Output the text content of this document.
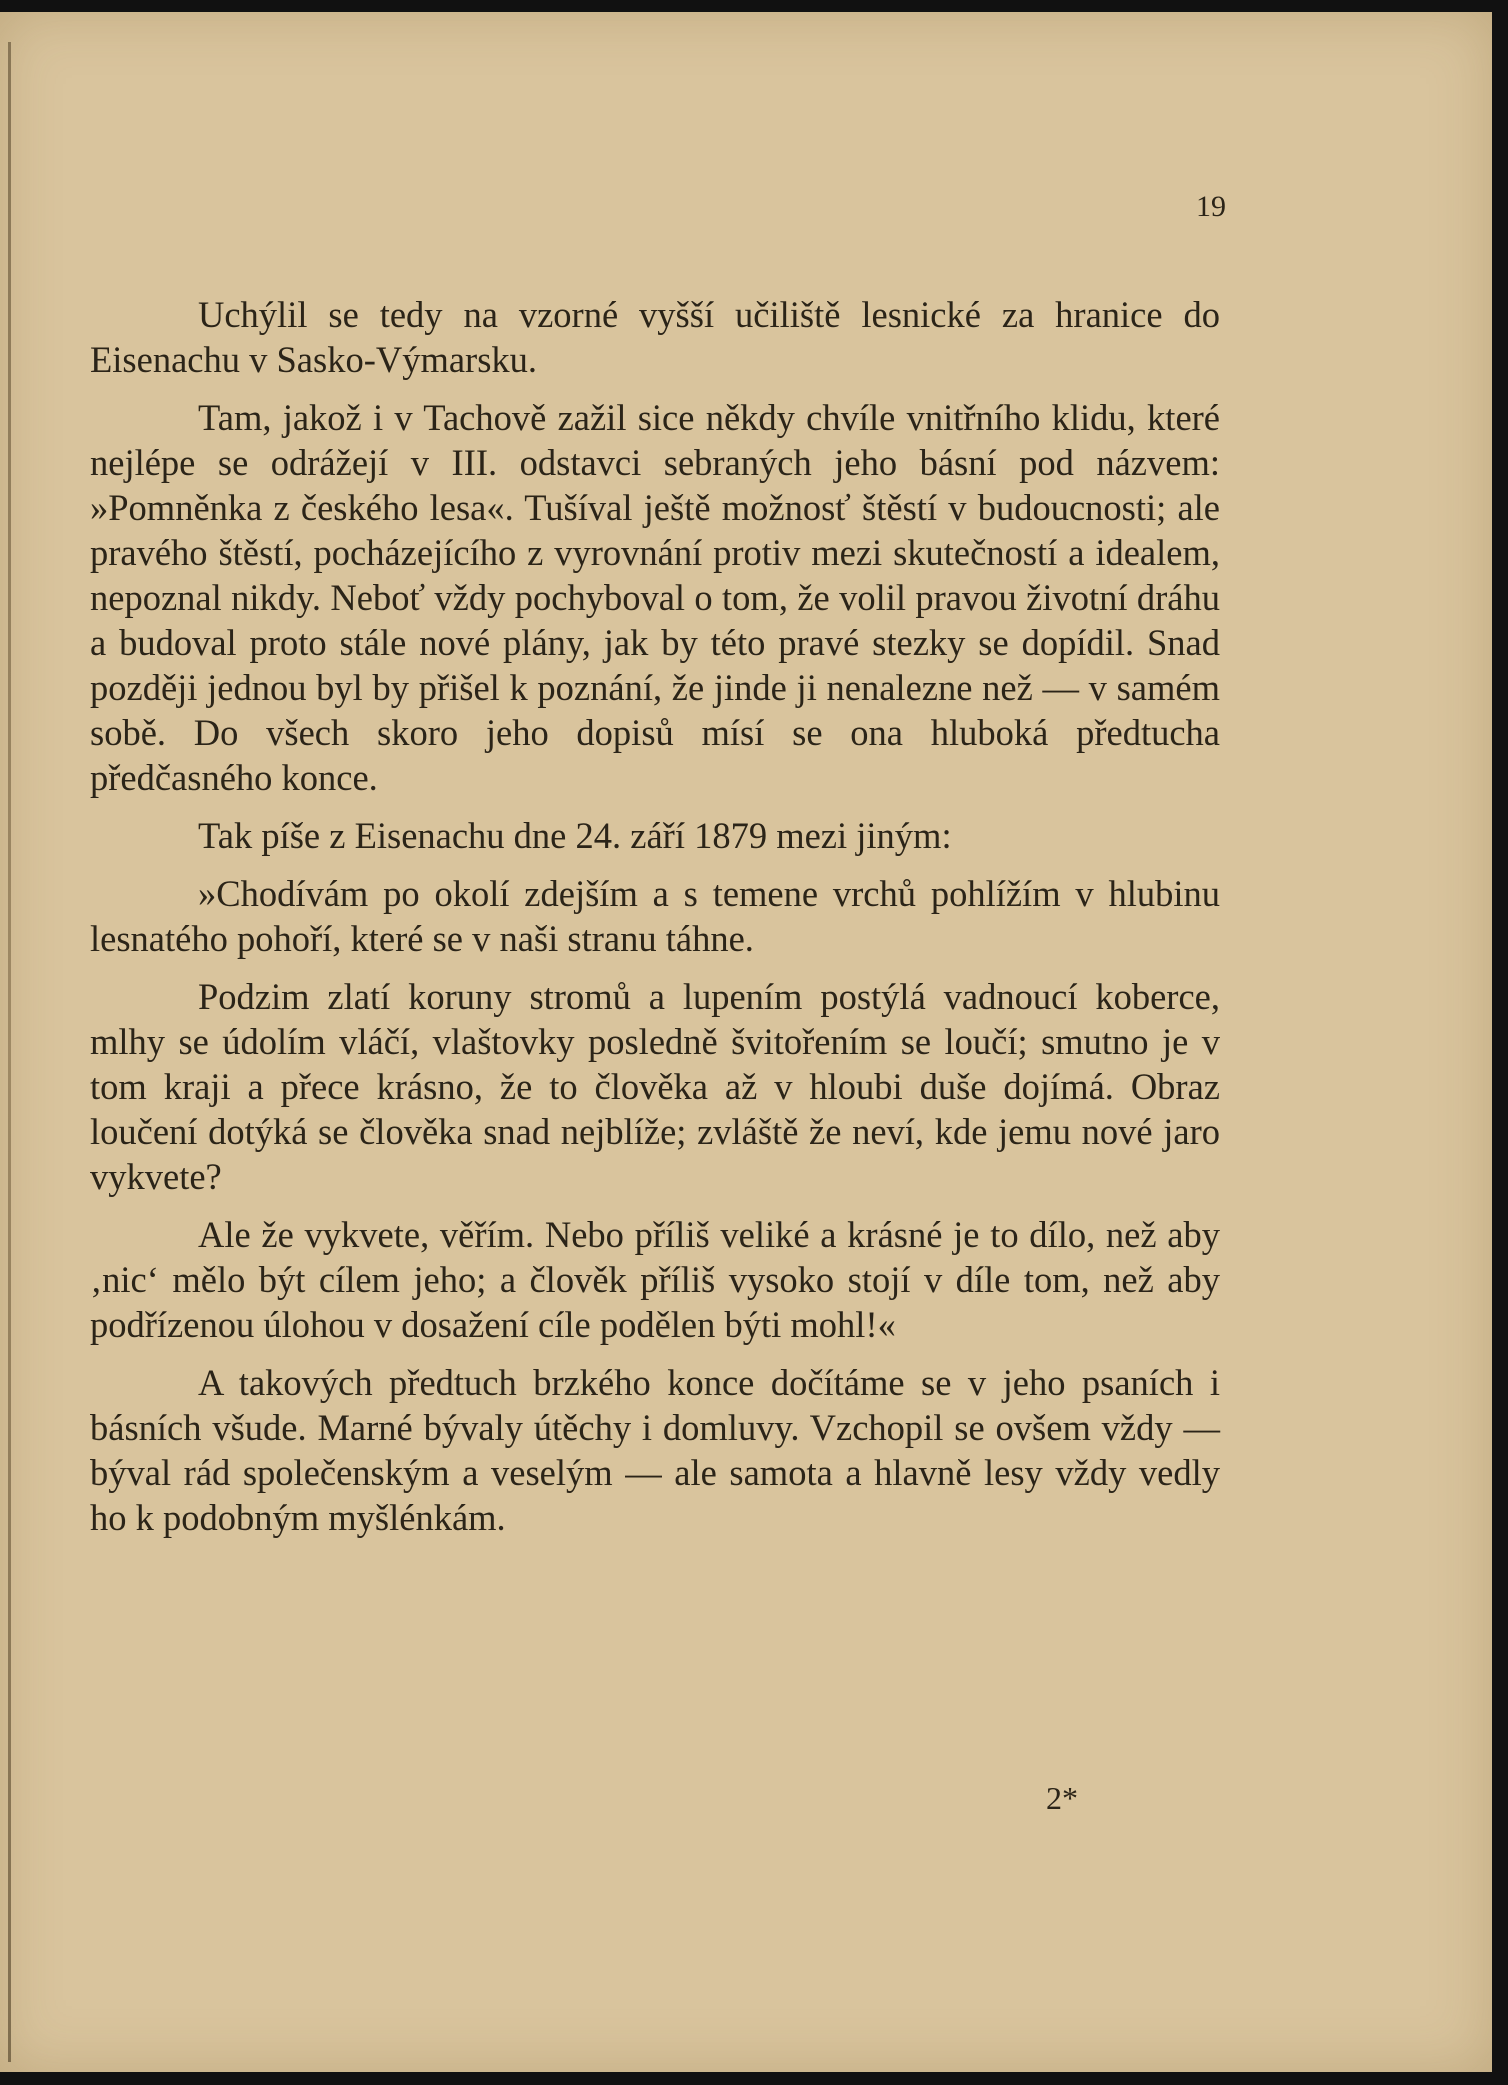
19

Uchýlil se tedy na vzorné vyšší učiliště lesnické za hranice do Eisenachu v Sasko-Výmarsku.

Tam, jakož i v Tachově zažil sice někdy chvíle vnitřního klidu, které nejlépe se odrážejí v III. odstavci sebraných jeho básní pod názvem: »Pomněnka z českého lesa«. Tušíval ještě možnosť štěstí v budoucnosti; ale pravého štěstí, pocházejícího z vyrovnání protiv mezi skutečností a idealem, nepoznal nikdy. Neboť vždy pochyboval o tom, že volil pravou životní dráhu a budoval proto stále nové plány, jak by této pravé stezky se dopídil. Snad později jednou byl by přišel k poznání, že jinde ji nenalezne než — v samém sobě. Do všech skoro jeho dopisů mísí se ona hluboká předtucha předčasného konce.

Tak píše z Eisenachu dne 24. září 1879 mezi jiným:

»Chodívám po okolí zdejším a s temene vrchů pohlížím v hlubinu lesnatého pohoří, které se v naši stranu táhne.

Podzim zlatí koruny stromů a lupením postýlá vadnoucí koberce, mlhy se údolím vláčí, vlaštovky posledně švitořením se loučí; smutno je v tom kraji a přece krásno, že to člověka až v hloubi duše dojímá. Obraz loučení dotýká se člověka snad nejblíže; zvláště že neví, kde jemu nové jaro vykvete?

Ale že vykvete, věřím. Nebo příliš veliké a krásné je to dílo, než aby ‚nic‘ mělo být cílem jeho; a člověk příliš vysoko stojí v díle tom, než aby podřízenou úlohou v dosažení cíle podělen býti mohl!«

A takových předtuch brzkého konce dočítáme se v jeho psaních i básních všude. Marné bývaly útěchy i domluvy. Vzchopil se ovšem vždy — býval rád společenským a veselým — ale samota a hlavně lesy vždy vedly ho k podobným myšlénkám.

2*
